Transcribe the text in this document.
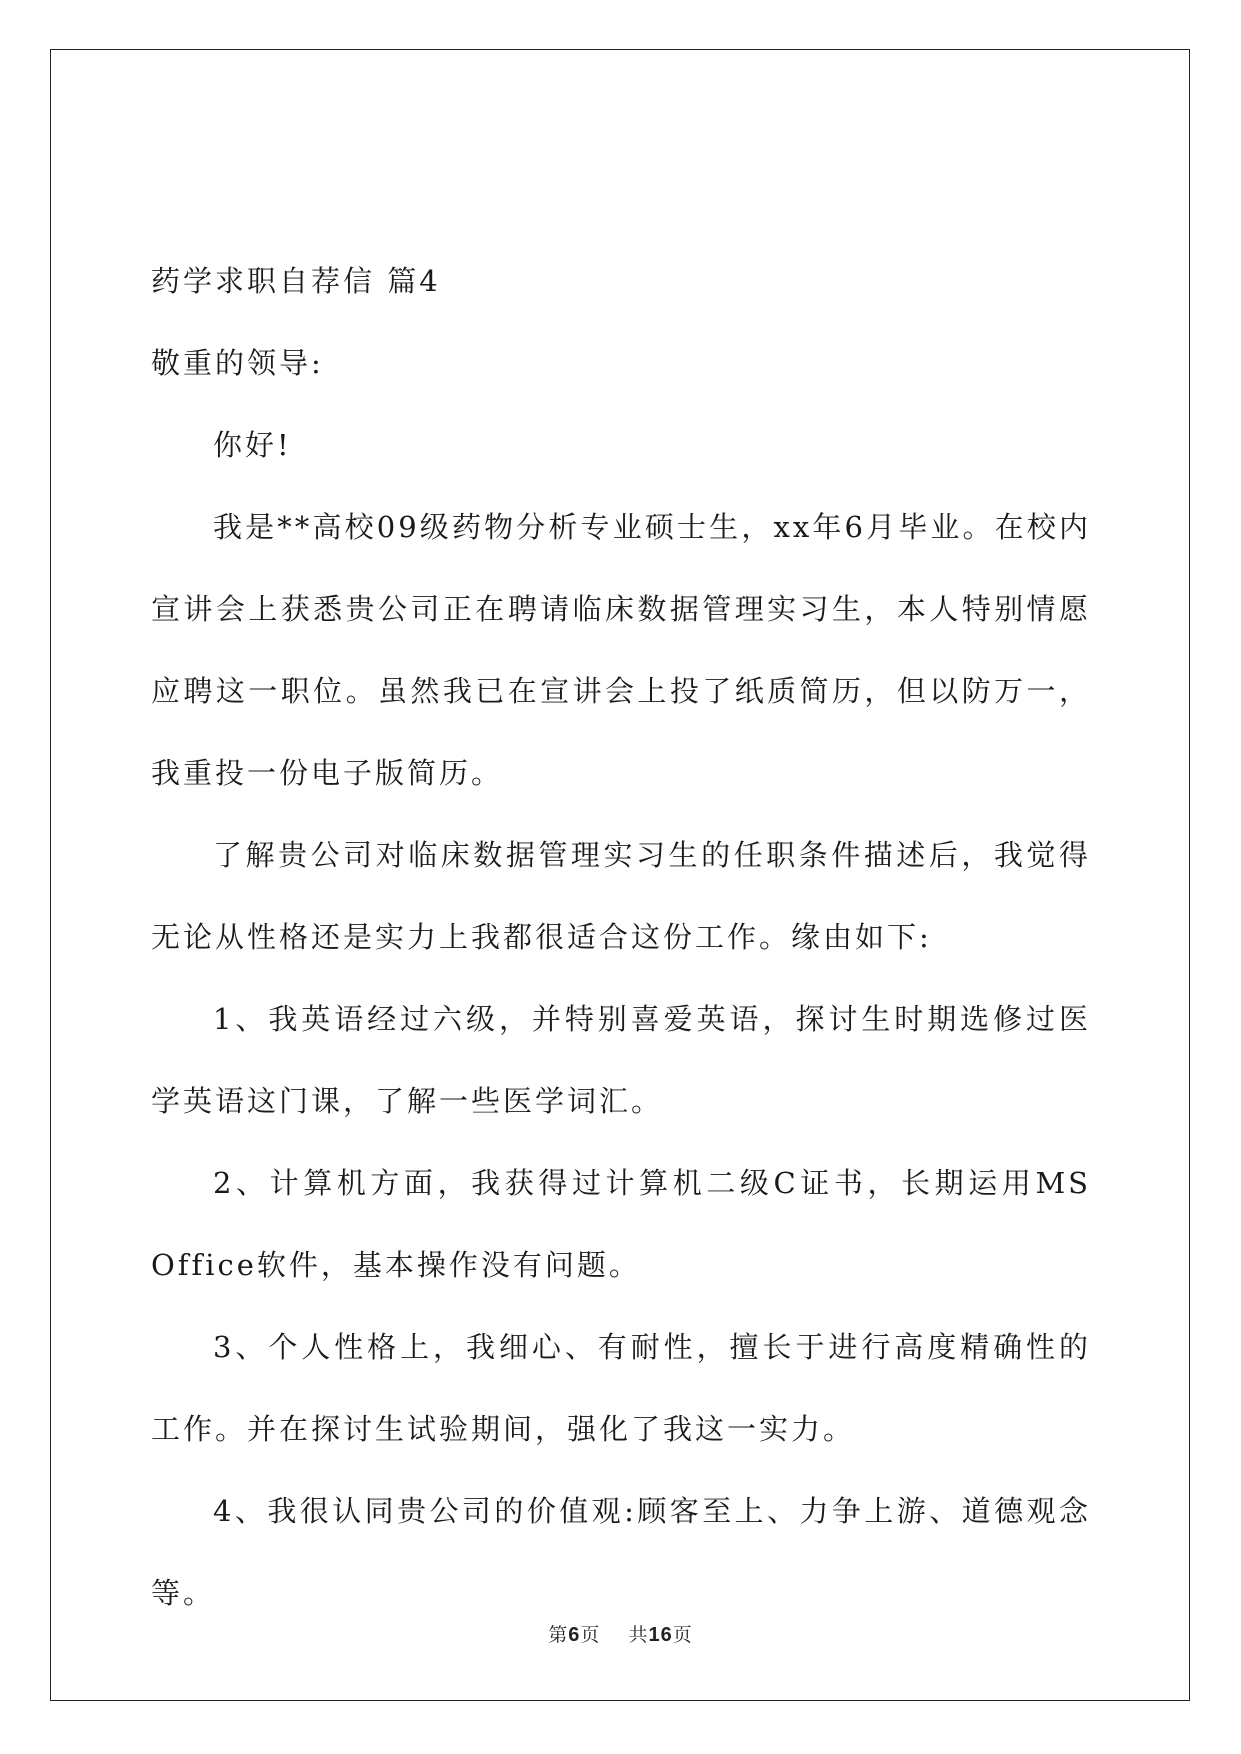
药学求职自荐信 篇4

敬重的领导:

你好!

我是**高校09级药物分析专业硕士生，xx年6月毕业。在校内宣讲会上获悉贵公司正在聘请临床数据管理实习生，本人特别情愿应聘这一职位。虽然我已在宣讲会上投了纸质简历，但以防万一，我重投一份电子版简历。

了解贵公司对临床数据管理实习生的任职条件描述后，我觉得无论从性格还是实力上我都很适合这份工作。缘由如下:

1、我英语经过六级，并特别喜爱英语，探讨生时期选修过医学英语这门课，了解一些医学词汇。

2、计算机方面，我获得过计算机二级C证书，长期运用MS Office软件，基本操作没有问题。

3、个人性格上，我细心、有耐性，擅长于进行高度精确性的工作。并在探讨生试验期间，强化了我这一实力。

4、我很认同贵公司的价值观:顾客至上、力争上游、道德观念等。

第6页 共16页
